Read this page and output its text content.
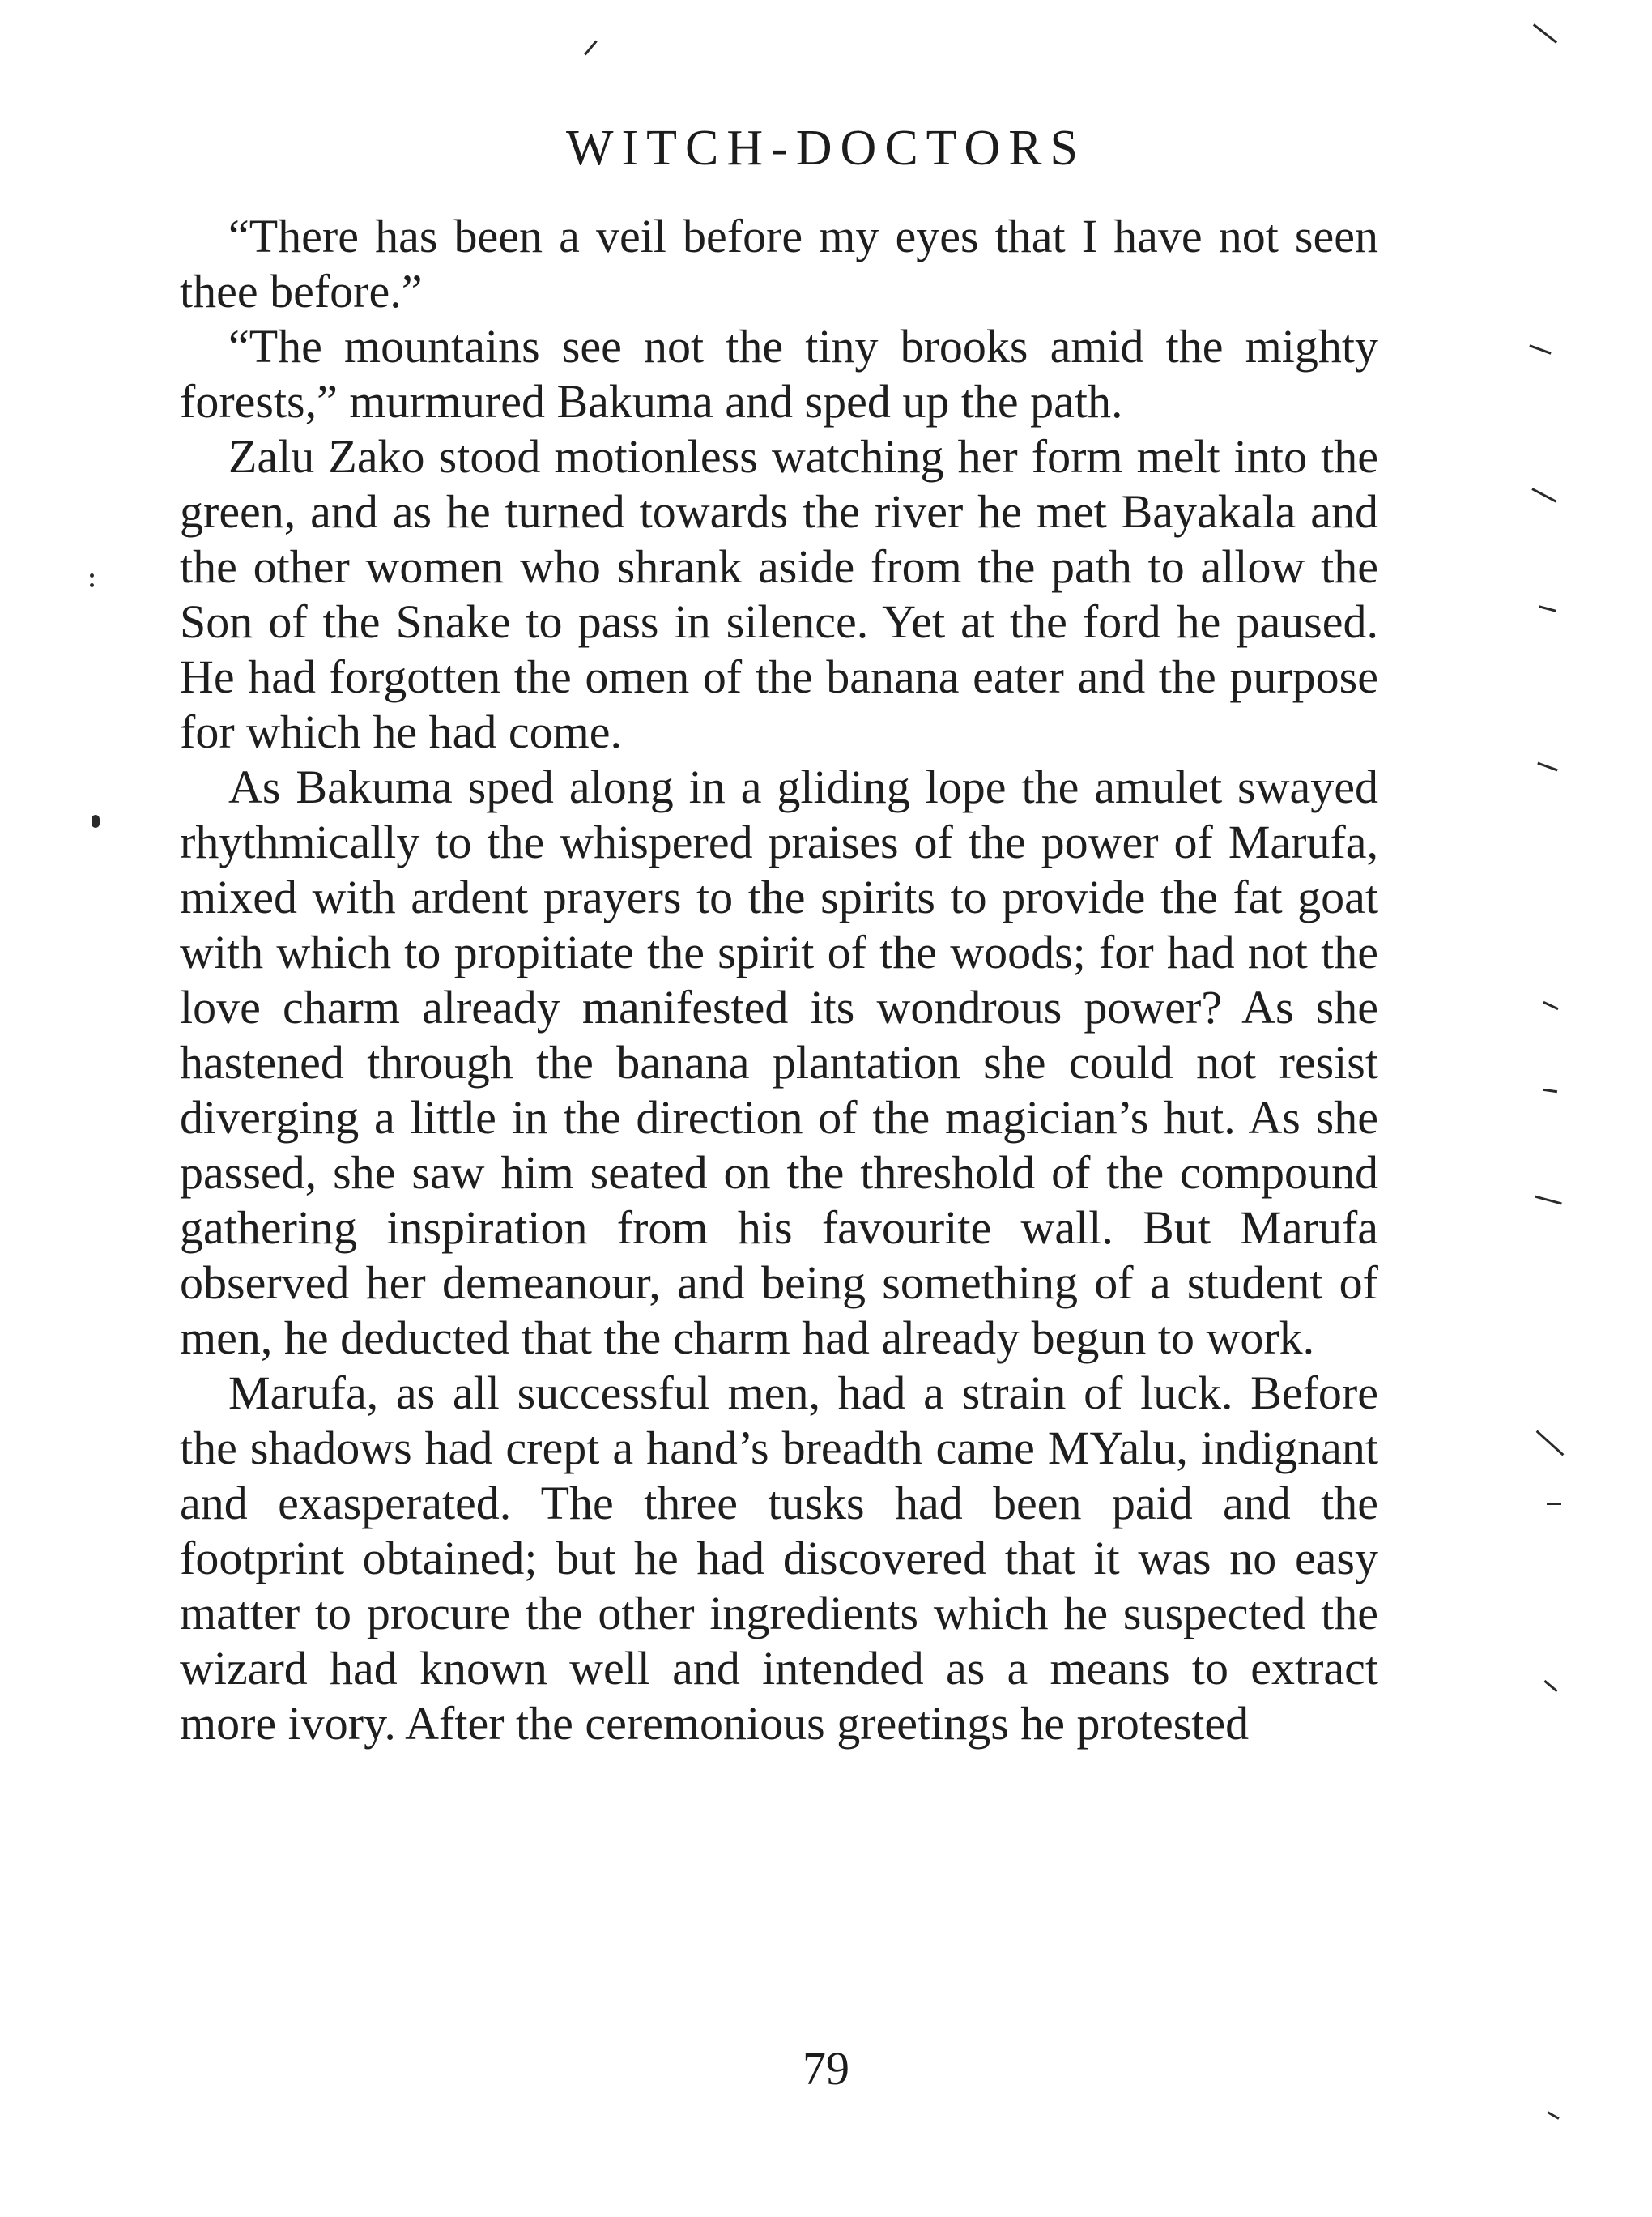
WITCH-DOCTORS

“There has been a veil before my eyes that I have not seen thee before.”

“The mountains see not the tiny brooks amid the mighty forests,” murmured Bakuma and sped up the path.

Zalu Zako stood motionless watching her form melt into the green, and as he turned towards the river he met Bayakala and the other women who shrank aside from the path to allow the Son of the Snake to pass in silence. Yet at the ford he paused. He had forgotten the omen of the banana eater and the purpose for which he had come.

As Bakuma sped along in a gliding lope the amulet swayed rhythmically to the whispered praises of the power of Marufa, mixed with ardent prayers to the spirits to provide the fat goat with which to propitiate the spirit of the woods; for had not the love charm already manifested its wondrous power? As she hastened through the banana plantation she could not resist diverging a little in the direction of the magician’s hut. As she passed, she saw him seated on the threshold of the compound gathering inspiration from his favourite wall. But Marufa observed her demeanour, and being something of a student of men, he deducted that the charm had already begun to work.

Marufa, as all successful men, had a strain of luck. Before the shadows had crept a hand’s breadth came MYalu, indignant and exasperated. The three tusks had been paid and the footprint obtained; but he had discovered that it was no easy matter to procure the other ingredients which he suspected the wizard had known well and intended as a means to extract more ivory. After the ceremonious greetings he protested

79
